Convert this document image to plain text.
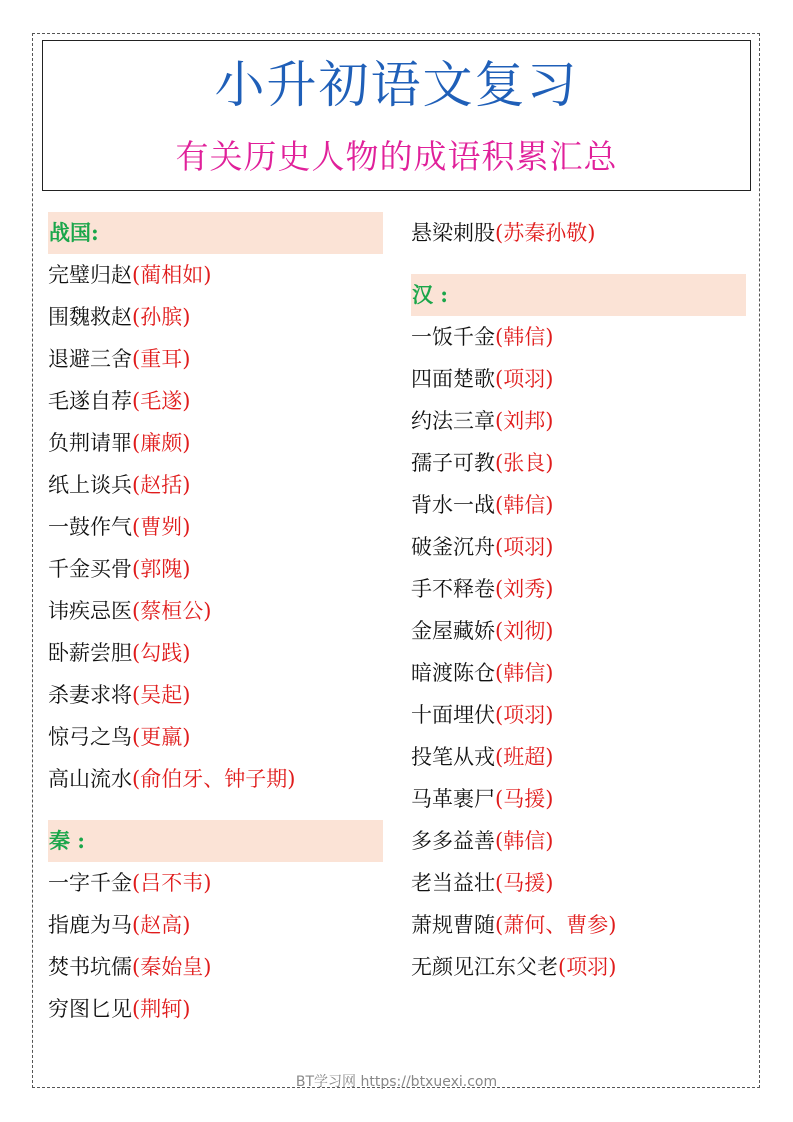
小升初语文复习
有关历史人物的成语积累汇总
战国:
完璧归赵(蔺相如)
围魏救赵(孙膑)
退避三舍(重耳)
毛遂自荐(毛遂)
负荆请罪(廉颇)
纸上谈兵(赵括)
一鼓作气(曹刿)
千金买骨(郭隗)
讳疾忌医(蔡桓公)
卧薪尝胆(勾践)
杀妻求将(吴起)
惊弓之鸟(更羸)
高山流水(俞伯牙、钟子期)
秦 :
一字千金(吕不韦)
指鹿为马(赵高)
焚书坑儒(秦始皇)
穷图匕见(荆轲)
悬梁刺股(苏秦孙敬)
汉 :
一饭千金(韩信)
四面楚歌(项羽)
约法三章(刘邦)
孺子可教(张良)
背水一战(韩信)
破釜沉舟(项羽)
手不释卷(刘秀)
金屋藏娇(刘彻)
暗渡陈仓(韩信)
十面埋伏(项羽)
投笔从戎(班超)
马革裹尸(马援)
多多益善(韩信)
老当益壮(马援)
萧规曹随(萧何、曹参)
无颜见江东父老(项羽)
BT学习网 https://btxuexi.com
